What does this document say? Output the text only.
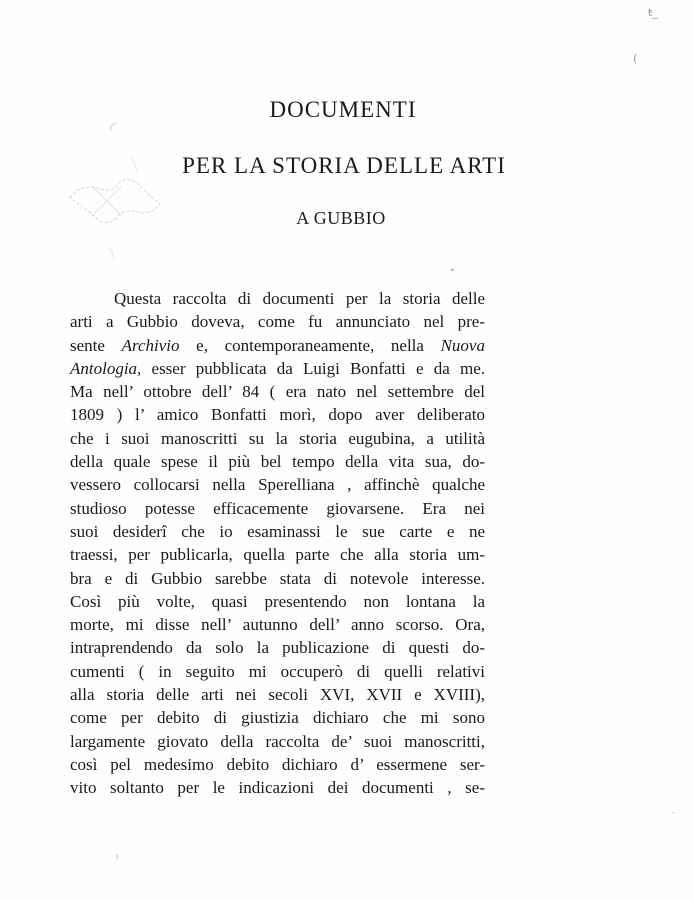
DOCUMENTI
PER LA STORIA DELLE ARTI
A GUBBIO
Questa raccolta di documenti per la storia delle
arti a Gubbio doveva, come fu annunciato nel pre-
sente Archivio e, contemporaneamente, nella Nuova
Antologia, esser pubblicata da Luigi Bonfatti e da me.
Ma nell’ ottobre dell’ 84 ( era nato nel settembre del
1809 ) l’ amico Bonfatti morì, dopo aver deliberato
che i suoi manoscritti su la storia eugubina, a utilità
della quale spese il più bel tempo della vita sua, do-
vessero collocarsi nella Sperelliana , affinchè qualche
studioso potesse efficacemente giovarsene. Era nei
suoi desiderî che io esaminassi le sue carte e ne
traessi, per publicarla, quella parte che alla storia um-
bra e di Gubbio sarebbe stata di notevole interesse.
Così più volte, quasi presentendo non lontana la
morte, mi disse nell’ autunno dell’ anno scorso. Ora,
intraprendendo da solo la publicazione di questi do-
cumenti ( in seguito mi occuperò di quelli relativi
alla storia delle arti nei secoli XVI, XVII e XVIII),
come per debito di giustizia dichiaro che mi sono
largamente giovato della raccolta de’ suoi manoscritti,
così pel medesimo debito dichiaro d’ essermene ser-
vito soltanto per le indicazioni dei documenti , se-
ŧ_
(
•
-
ı
